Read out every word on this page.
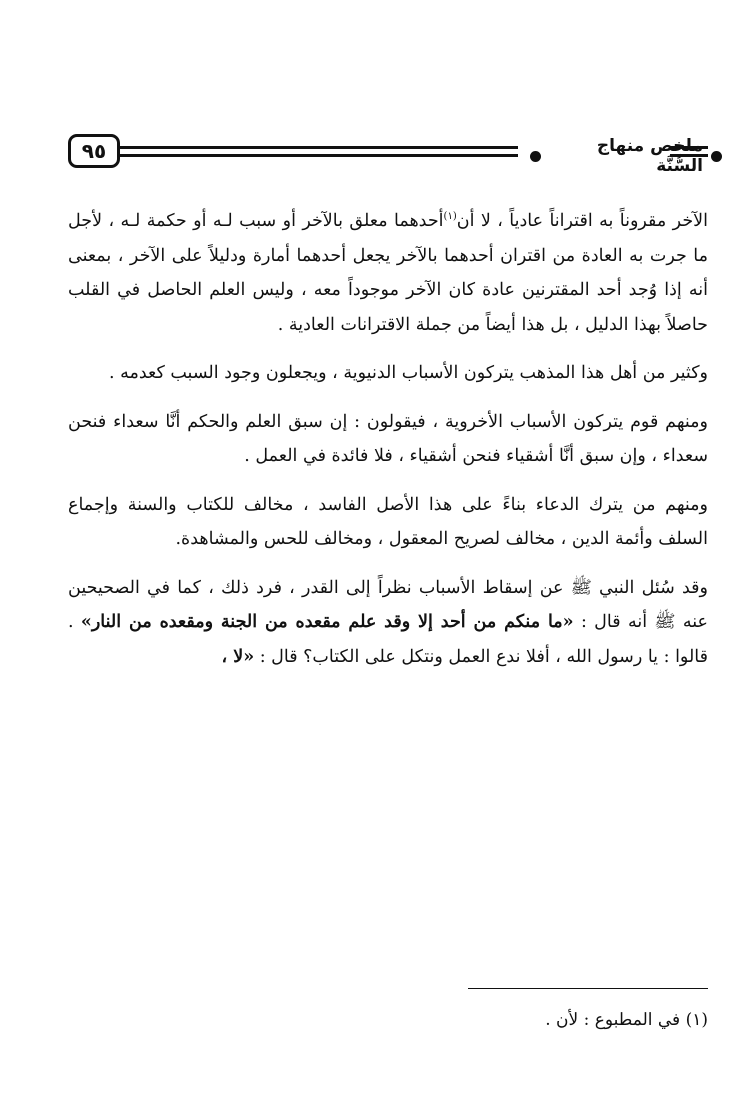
٩٥	ملخص منهاج السُّنَّة

الآخر مقروناً به اقتراناً عادياً ، لا أن$^{(١)}$أحدهما معلق بالآخر أو سبب لـه أو حكمة لـه ، لأجل ما جرت به العادة من اقتران أحدهما بالآخر يجعل أحدهما أمارة ودليلاً على الآخر ، بمعنى أنه إذا وُجد أحد المقترنين عادة كان الآخر موجوداً معه ، وليس العلم الحاصل في القلب حاصلاً بهذا الدليل ، بل هذا أيضاً من جملة الاقترانات العادية .

وكثير من أهل هذا المذهب يتركون الأسباب الدنيوية ، ويجعلون وجود السبب كعدمه .

ومنهم قوم يتركون الأسباب الأخروية ، فيقولون : إن سبق العلم والحكم أنَّا سعداء فنحن سعداء ، وإن سبق أنَّا أشقياء فنحن أشقياء ، فلا فائدة في العمل .

ومنهم من يترك الدعاء بناءً على هذا الأصل الفاسد ، مخالف للكتاب والسنة وإجماع السلف وأئمة الدين ، مخالف لصريح المعقول ، ومخالف للحس والمشاهدة.

وقد سُئل النبي ﷺ عن إسقاط الأسباب نظراً إلى القدر ، فرد ذلك ، كما في الصحيحين عنه ﷺ أنه قال : «ما منكم من أحد إلا وقد علم مقعده من الجنة ومقعده من النار» . قالوا : يا رسول الله ، أفلا ندع العمل ونتكل على الكتاب؟ قال : «لا ،

(١) في المطبوع : لأن .
